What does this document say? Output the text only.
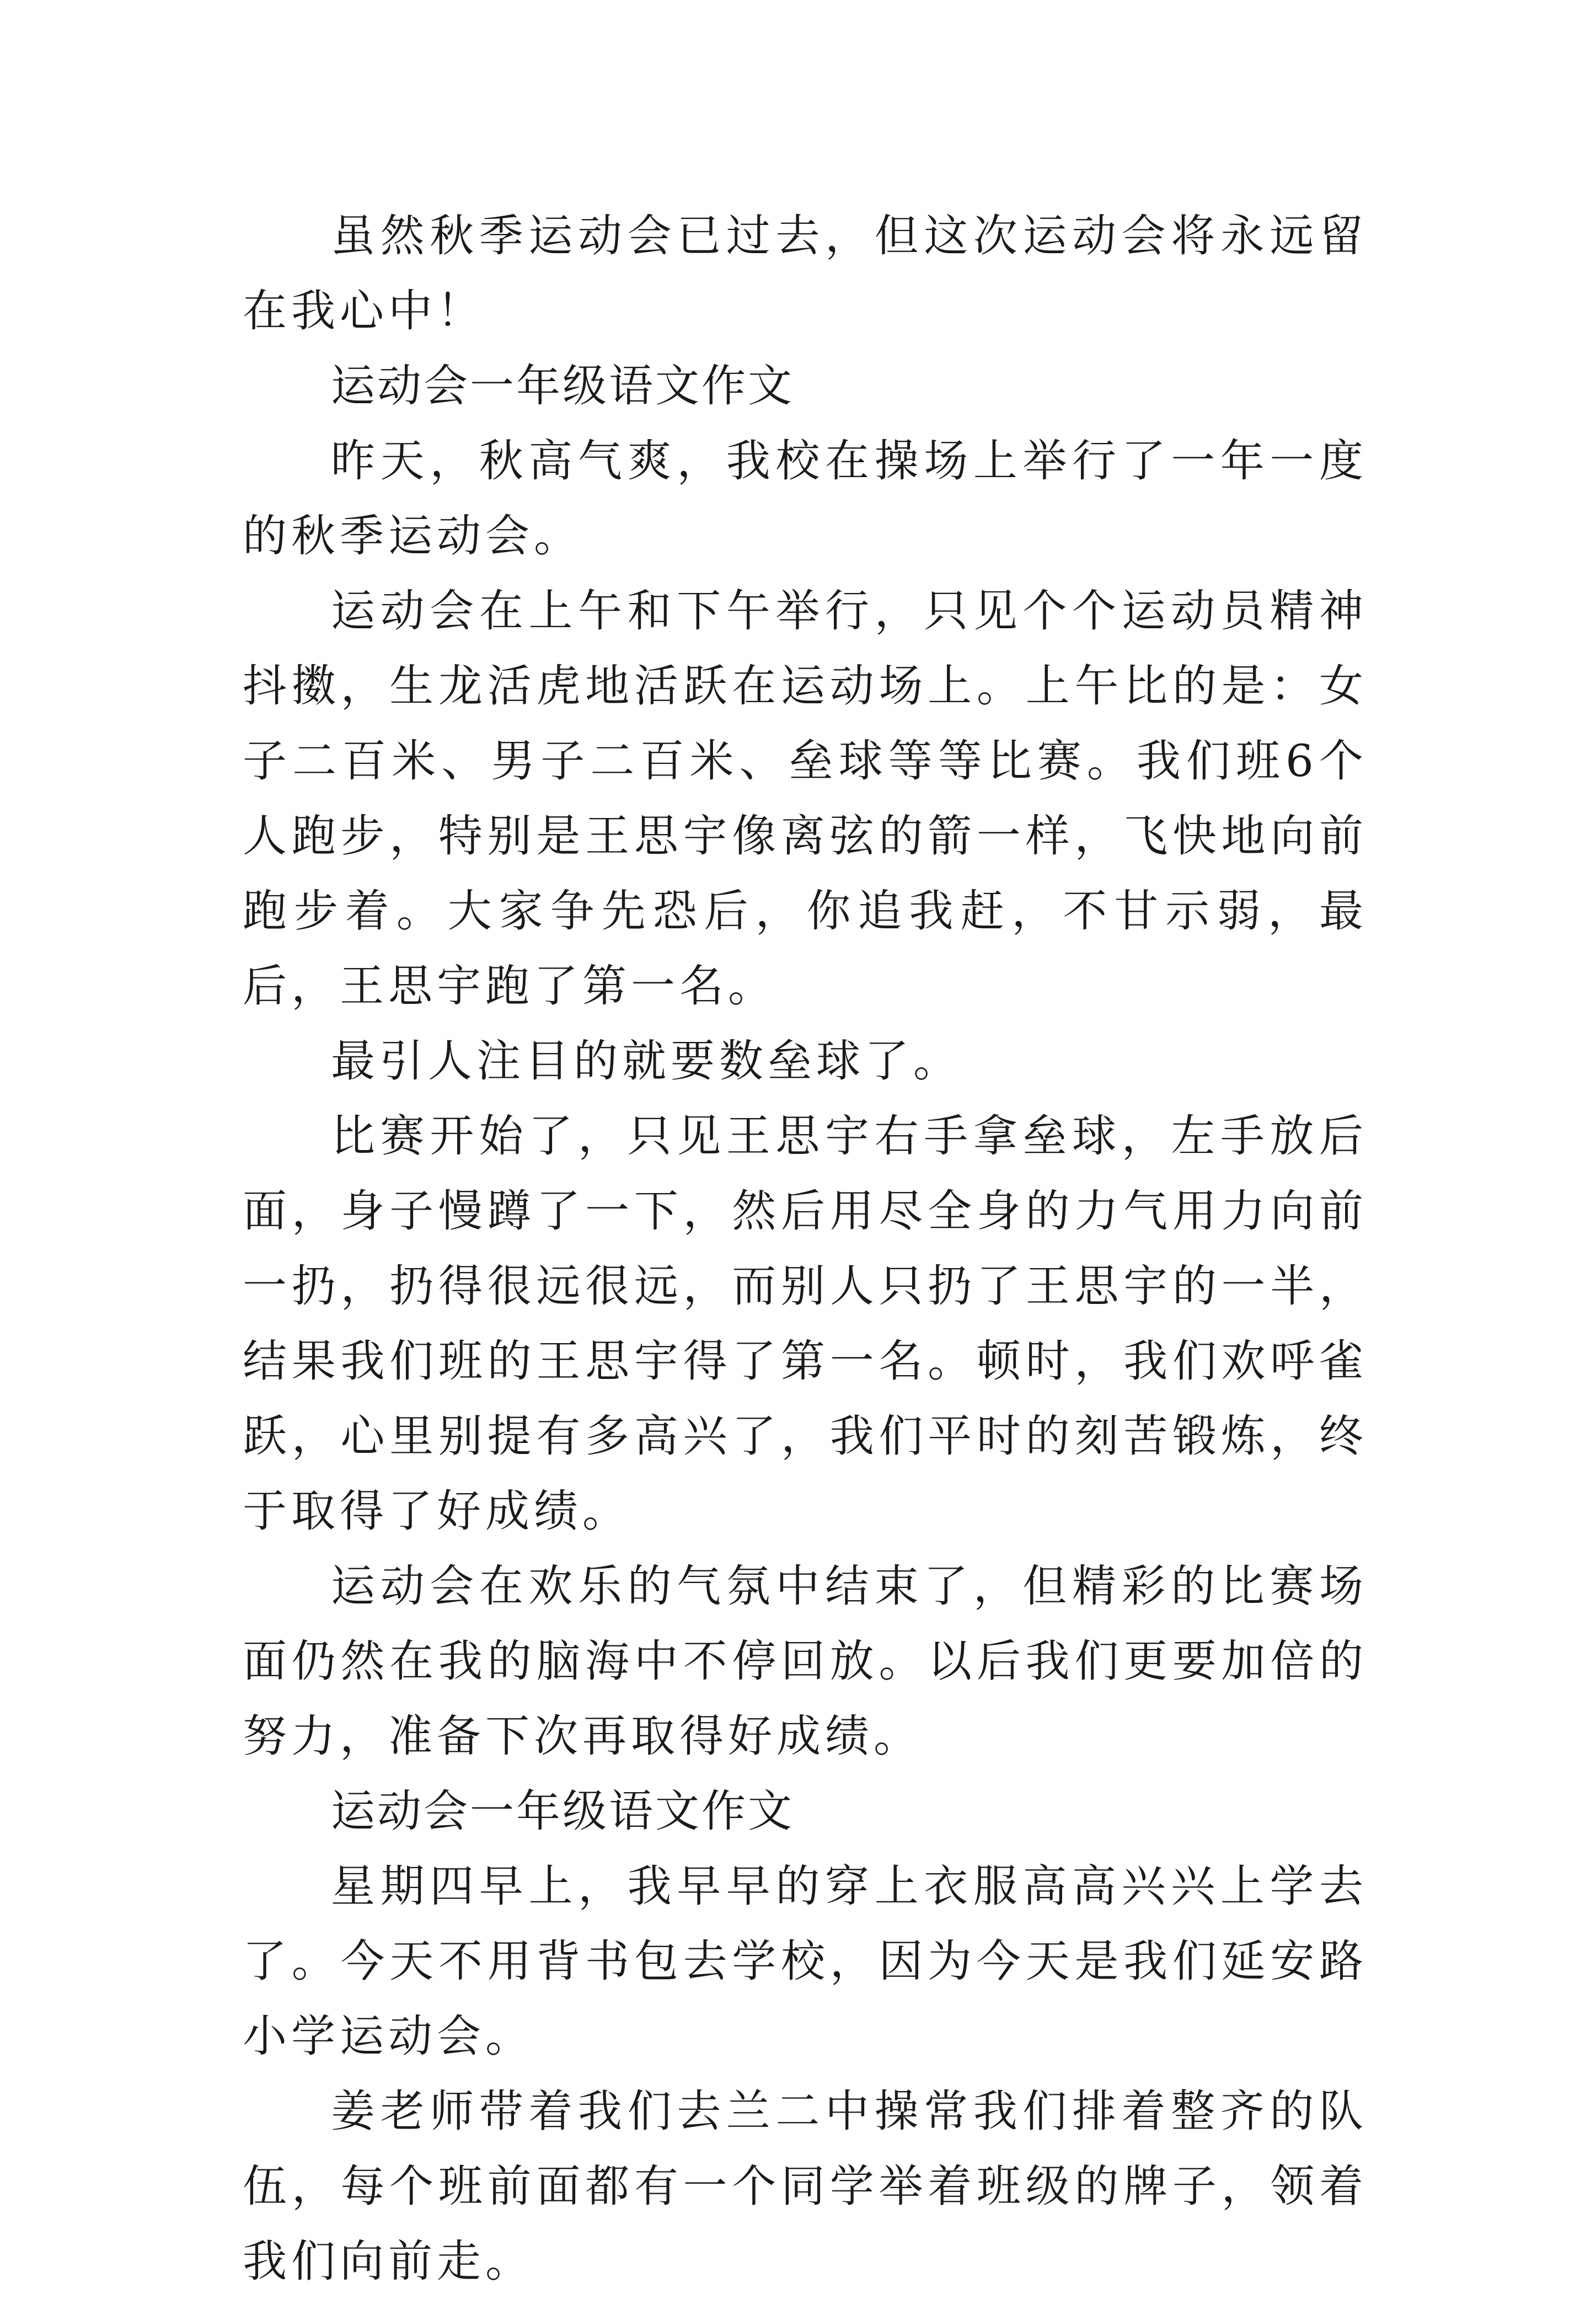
虽然秋季运动会已过去，但这次运动会将永远留在我心中！

运动会一年级语文作文

昨天，秋高气爽，我校在操场上举行了一年一度的秋季运动会。

运动会在上午和下午举行，只见个个运动员精神抖擞，生龙活虎地活跃在运动场上。上午比的是：女子二百米、男子二百米、垒球等等比赛。我们班6个人跑步，特别是王思宇像离弦的箭一样，飞快地向前跑步着。大家争先恐后，你追我赶，不甘示弱，最后，王思宇跑了第一名。

最引人注目的就要数垒球了。

比赛开始了，只见王思宇右手拿垒球，左手放后面，身子慢蹲了一下，然后用尽全身的力气用力向前一扔，扔得很远很远，而别人只扔了王思宇的一半，结果我们班的王思宇得了第一名。顿时，我们欢呼雀跃，心里别提有多高兴了，我们平时的刻苦锻炼，终于取得了好成绩。

运动会在欢乐的气氛中结束了，但精彩的比赛场面仍然在我的脑海中不停回放。以后我们更要加倍的努力，准备下次再取得好成绩。

运动会一年级语文作文

星期四早上，我早早的穿上衣服高高兴兴上学去了。今天不用背书包去学校，因为今天是我们延安路小学运动会。

姜老师带着我们去兰二中操常我们排着整齐的队伍，每个班前面都有一个同学举着班级的牌子，领着我们向前走。
